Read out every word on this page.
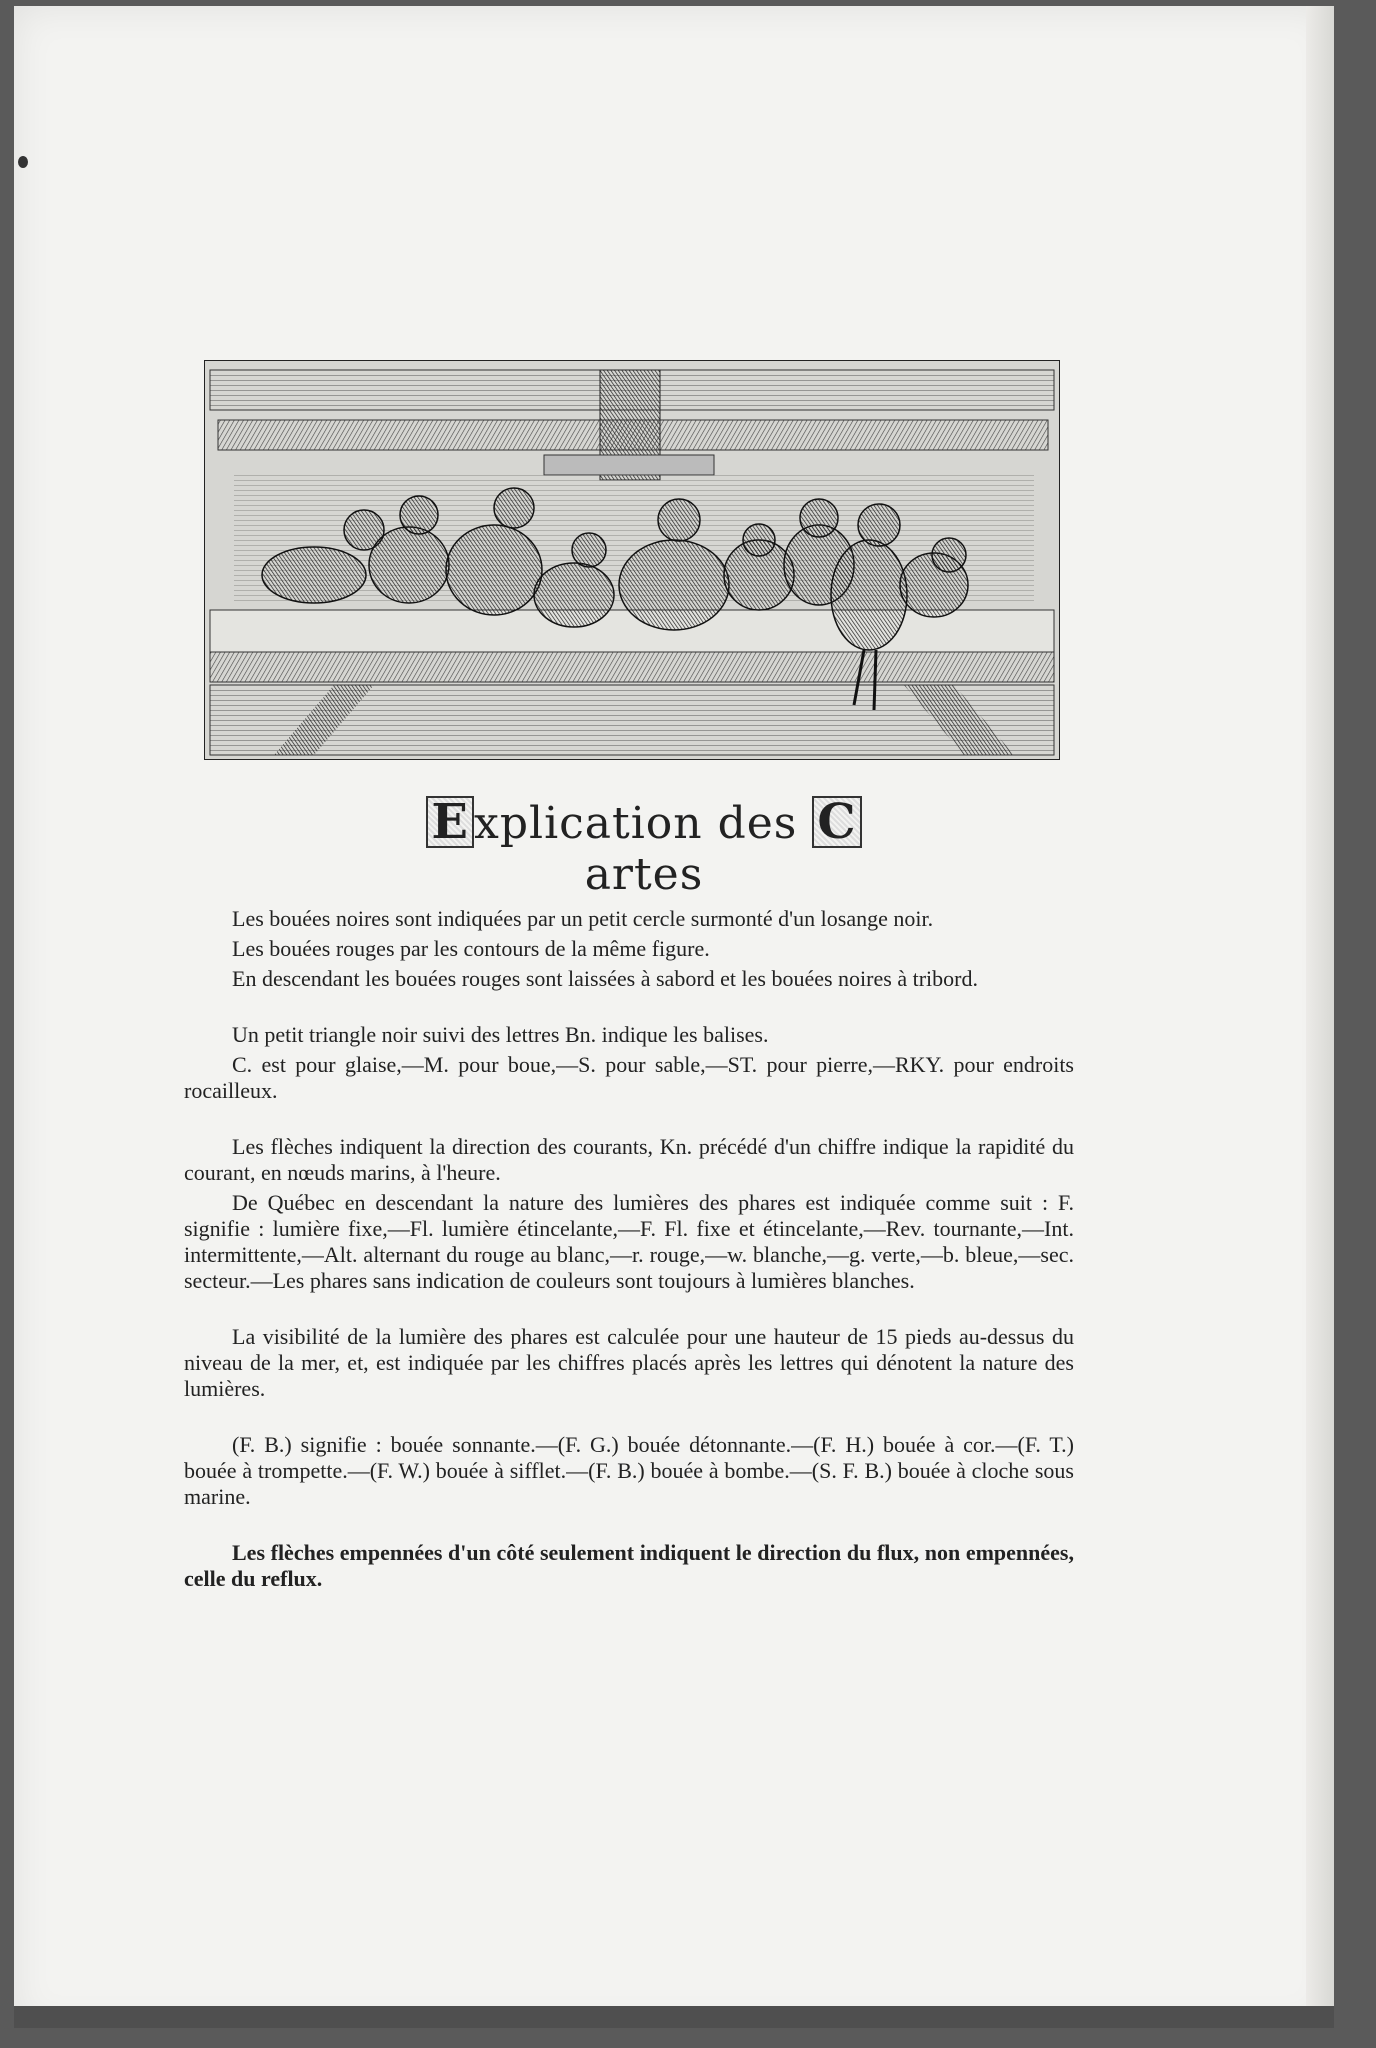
E xplication des Cartes

Les bouées noires sont indiquées par un petit cercle surmonté d'un losange noir.

Les bouées rouges par les contours de la même figure.

En descendant les bouées rouges sont laissées à sabord et les bouées noires à tribord.

Un petit triangle noir suivi des lettres Bn. indique les balises.

C. est pour glaise,—M. pour boue,—S. pour sable,—ST. pour pierre,—RKY. pour endroits rocailleux.

Les flèches indiquent la direction des courants, Kn. précédé d'un chiffre indique la rapidité du courant, en nœuds marins, à l'heure.

De Québec en descendant la nature des lumières des phares est indiquée comme suit : F. signifie : lumière fixe,—Fl. lumière étincelante,—F. Fl. fixe et étincelante,—Rev. tournante,—Int. intermittente,—Alt. alternant du rouge au blanc,—r. rouge,—w. blanche,—g. verte,—b. bleue,—sec. secteur.—Les phares sans indication de couleurs sont toujours à lumières blanches.

La visibilité de la lumière des phares est calculée pour une hauteur de 15 pieds au-dessus du niveau de la mer, et, est indiquée par les chiffres placés après les lettres qui dénotent la nature des lumières.

(F. B.) signifie : bouée sonnante.—(F. G.) bouée détonnante.—(F. H.) bouée à cor.—(F. T.) bouée à trompette.—(F. W.) bouée à sifflet.—(F. B.) bouée à bombe.—(S. F. B.) bouée à cloche sous marine.

Les flèches empennées d'un côté seulement indiquent le direction du flux, non empennées, celle du reflux.
